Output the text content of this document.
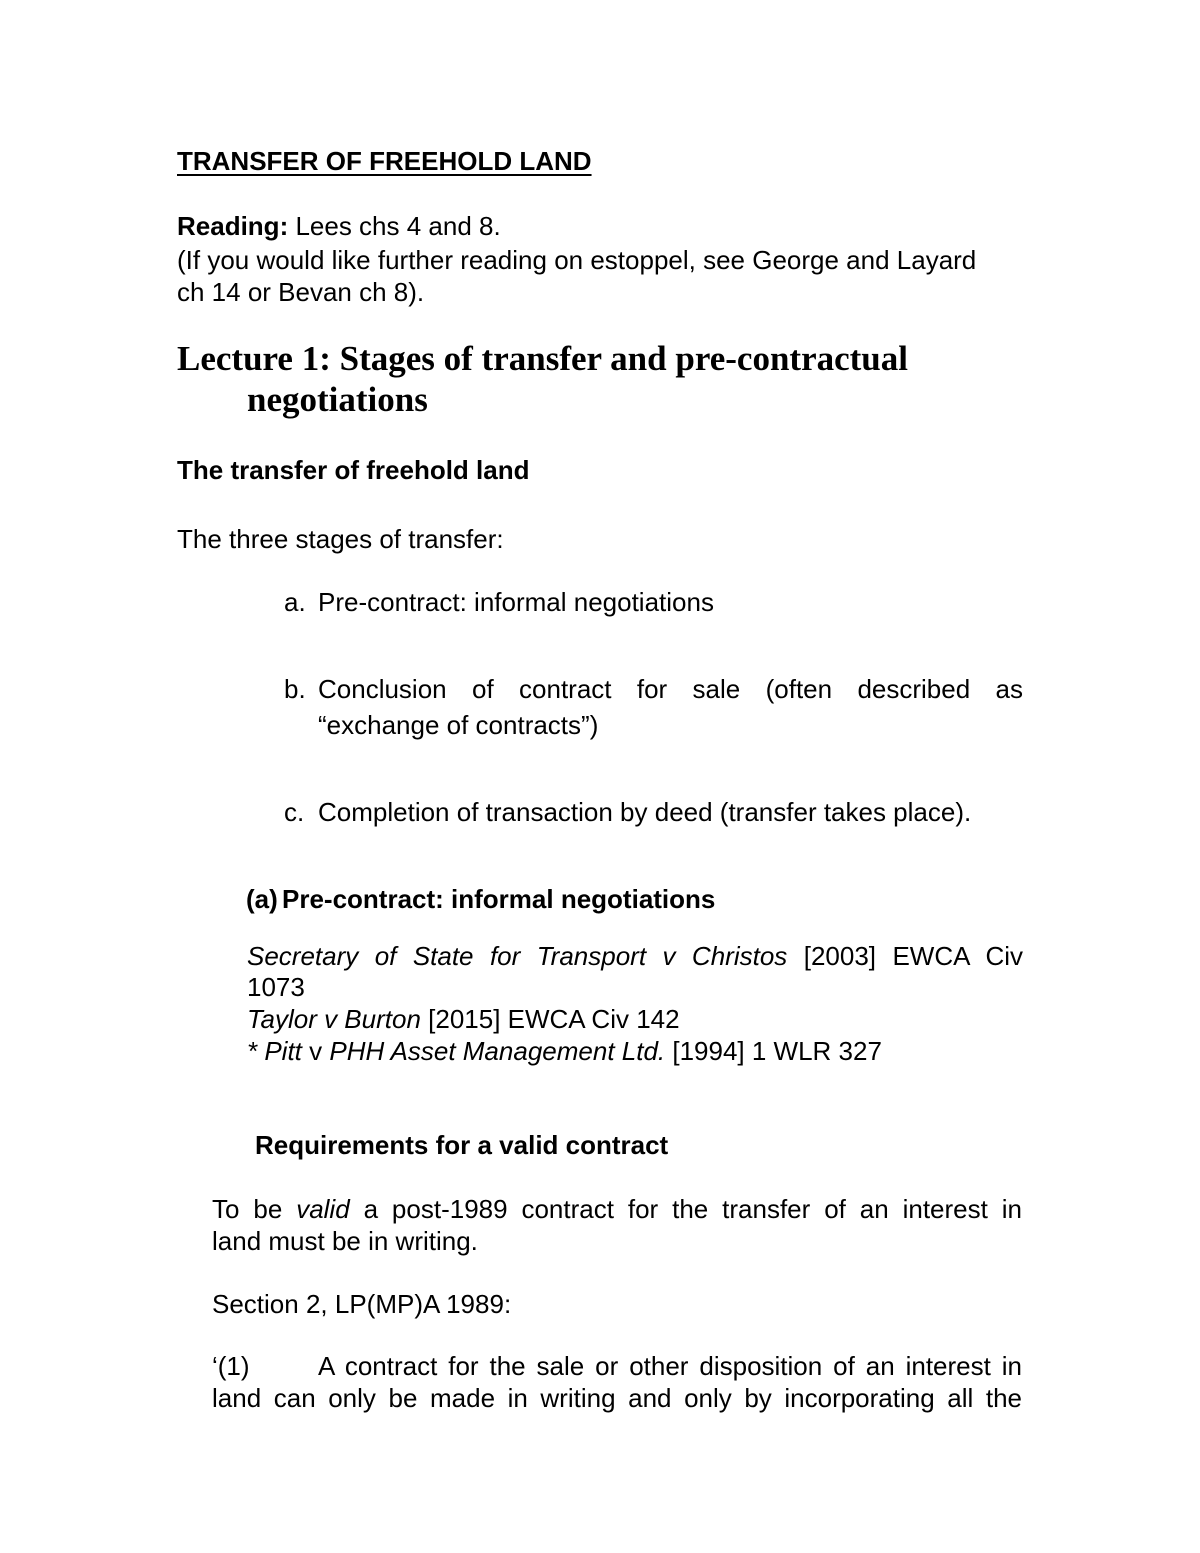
TRANSFER OF FREEHOLD LAND
Reading: Lees chs 4 and 8.
(If you would like further reading on estoppel, see George and Layard
ch 14 or Bevan ch 8).
Lecture 1: Stages of transfer and pre-contractual
negotiations
The transfer of freehold land
The three stages of transfer:
a. Pre-contract: informal negotiations
b. Conclusion of contract for sale (often described as
“exchange of contracts”)
c. Completion of transaction by deed (transfer takes place).
(a) Pre-contract: informal negotiations
Secretary of State for Transport v Christos [2003] EWCA Civ
1073
Taylor v Burton [2015] EWCA Civ 142
* Pitt v PHH Asset Management Ltd. [1994] 1 WLR 327
Requirements for a valid contract
To be valid a post-1989 contract for the transfer of an interest in
land must be in writing.
Section 2, LP(MP)A 1989:
‘(1)	A contract for the sale or other disposition of an interest in
land can only be made in writing and only by incorporating all the
